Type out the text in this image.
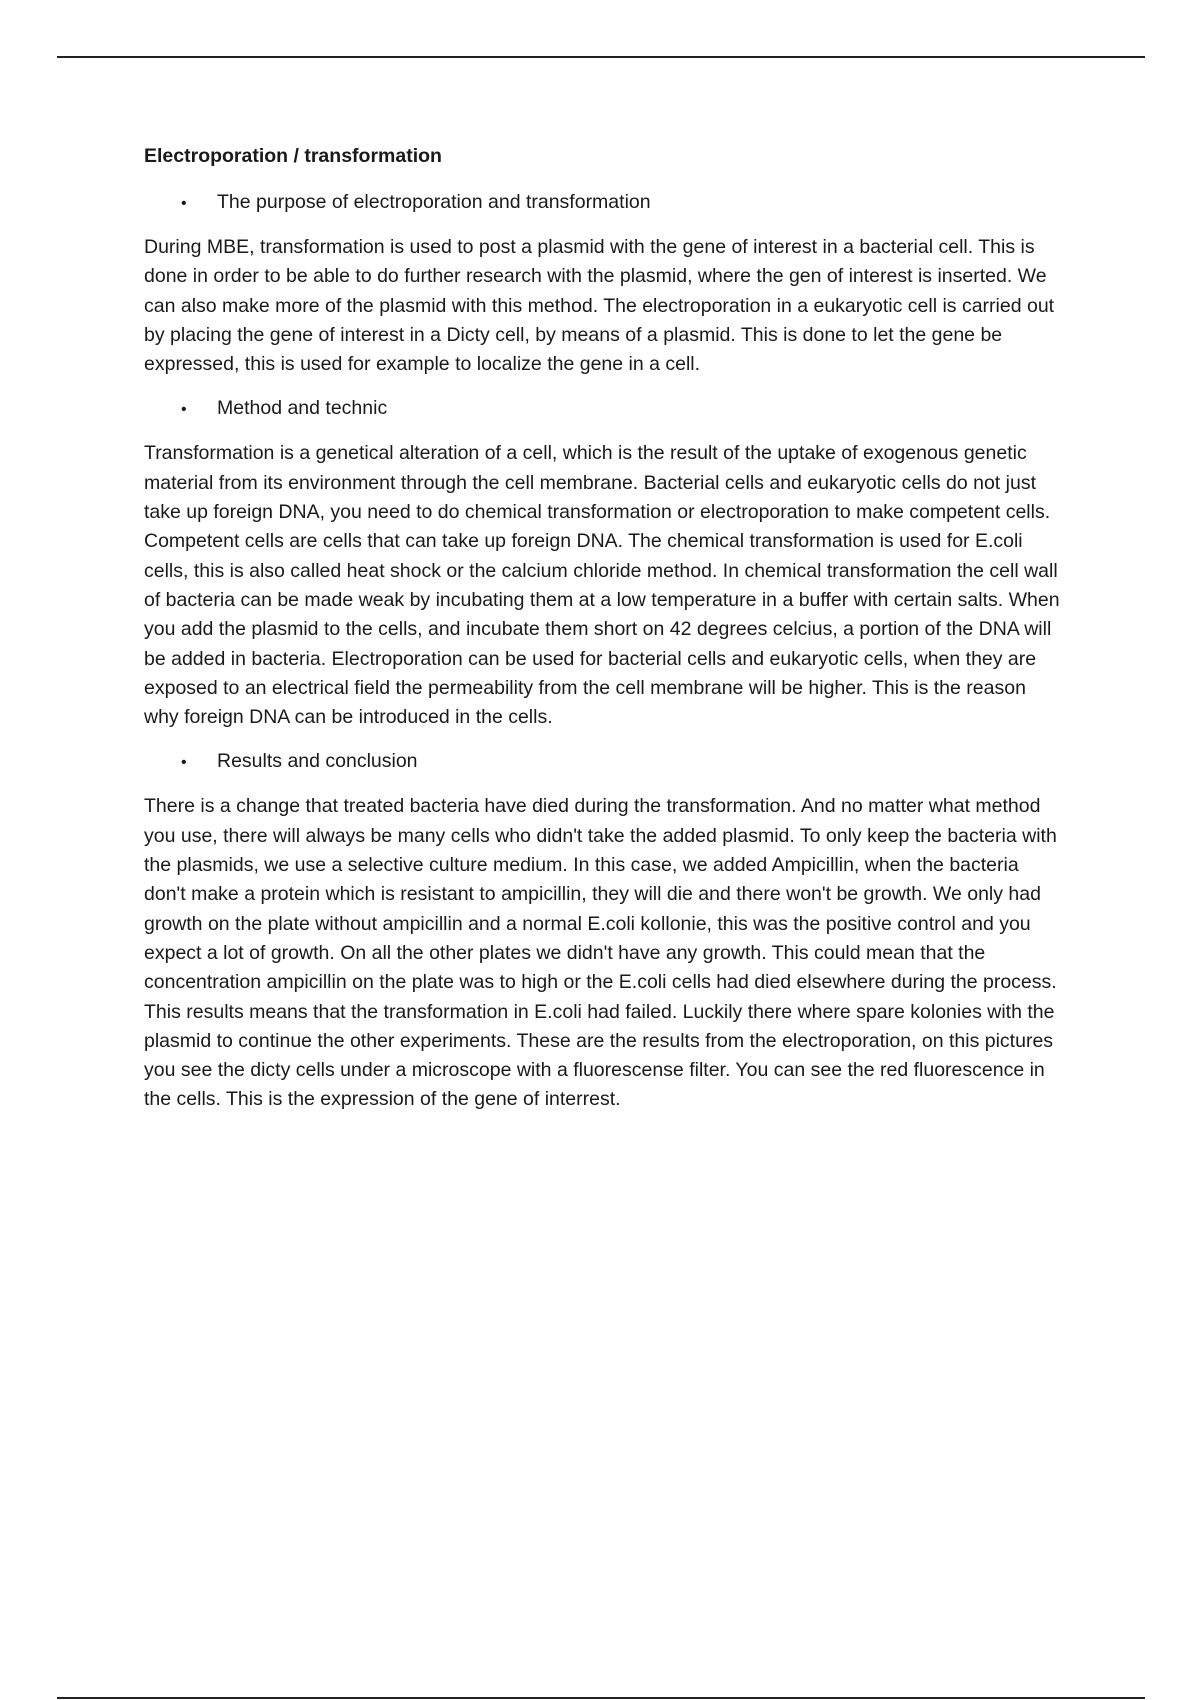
Electroporation / transformation
•	The purpose of electroporation and transformation

During MBE, transformation is used to post a plasmid with the gene of interest in a bacterial cell. This is done in order to be able to do further research with the plasmid, where the gen of interest is inserted. We can also make more of the plasmid with this method. The electroporation in a eukaryotic cell is carried out by placing the gene of interest in a Dicty cell, by means of a plasmid. This is done to let the gene be expressed, this is used for example to localize the gene in a cell.

•	Method and technic

Transformation is a genetical alteration of a cell, which is the result of the uptake of exogenous genetic material from its environment through the cell membrane. Bacterial cells and eukaryotic cells do not just take up foreign DNA, you need to do chemical transformation or electroporation to make competent cells. Competent cells are cells that can take up foreign DNA. The chemical transformation is used for E.coli cells, this is also called heat shock or the calcium chloride method. In chemical transformation the cell wall of bacteria can be made weak by incubating them at a low temperature in a buffer with certain salts. When you add the plasmid to the cells, and incubate them short on 42 degrees celcius, a portion of the DNA will be added in bacteria. Electroporation can be used for bacterial cells and eukaryotic cells, when they are exposed to an electrical field the permeability from the cell membrane will be higher. This is the reason why foreign DNA can be introduced in the cells.

•	Results and conclusion

There is a change that treated bacteria have died during the transformation. And no matter what method you use, there will always be many cells who didn't take the added plasmid. To only keep the bacteria with the plasmids, we use a selective culture medium. In this case, we added Ampicillin, when the bacteria don't make a protein which is resistant to ampicillin, they will die and there won't be growth. We only had growth on the plate without ampicillin and a normal E.coli kollonie, this was the positive control and you expect a lot of growth. On all the other plates we didn't have any growth. This could mean that the concentration ampicillin on the plate was to high or the E.coli cells had died elsewhere during the process. This results means that the transformation in E.coli had failed. Luckily there where spare kolonies with the plasmid to continue the other experiments. These are the results from the electroporation, on this pictures you see the dicty cells under a microscope with a fluorescense filter. You can see the red fluorescence in the cells. This is the expression of the gene of interrest.
